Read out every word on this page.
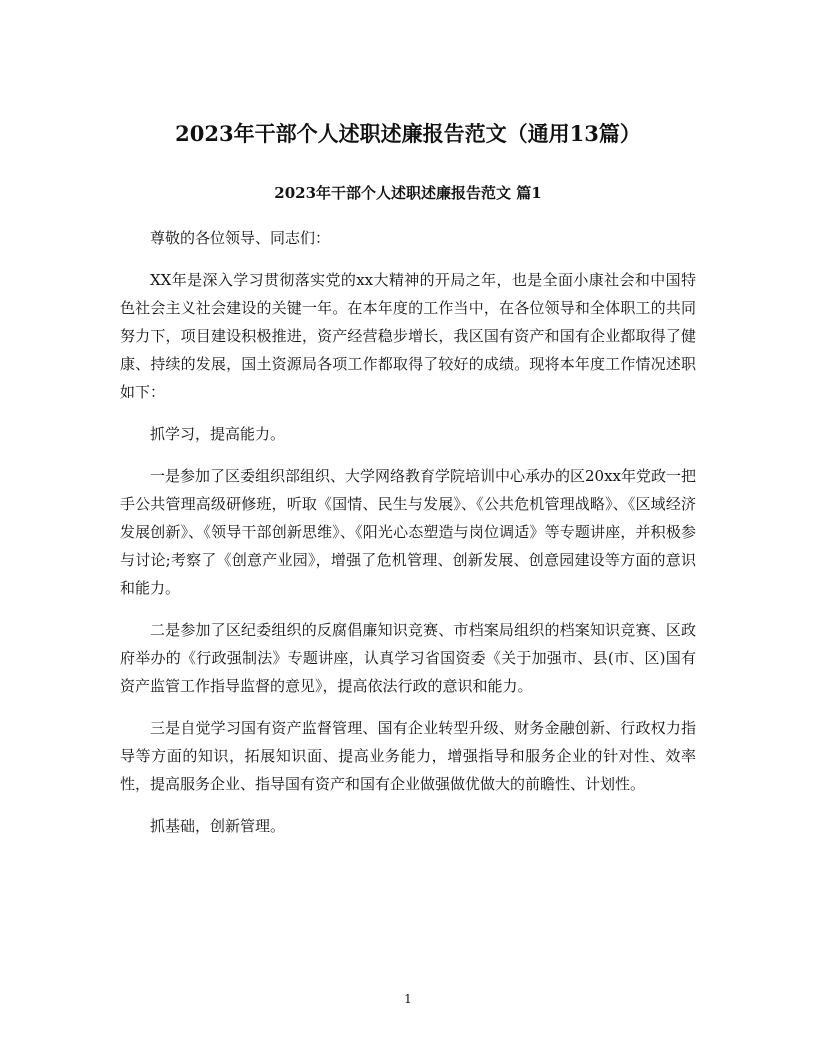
2023年干部个人述职述廉报告范文（通用13篇）
2023年干部个人述职述廉报告范文 篇1

尊敬的各位领导、同志们：

XX年是深入学习贯彻落实党的xx大精神的开局之年，也是全面小康社会和中国特色社会主义社会建设的关键一年。在本年度的工作当中，在各位领导和全体职工的共同努力下，项目建设积极推进，资产经营稳步增长，我区国有资产和国有企业都取得了健康、持续的发展，国土资源局各项工作都取得了较好的成绩。现将本年度工作情况述职如下：

抓学习，提高能力。

一是参加了区委组织部组织、大学网络教育学院培训中心承办的区20xx年党政一把手公共管理高级研修班，听取《国情、民生与发展》、《公共危机管理战略》、《区域经济发展创新》、《领导干部创新思维》、《阳光心态塑造与岗位调适》等专题讲座，并积极参与讨论;考察了《创意产业园》，增强了危机管理、创新发展、创意园建设等方面的意识和能力。

二是参加了区纪委组织的反腐倡廉知识竞赛、市档案局组织的档案知识竞赛、区政府举办的《行政强制法》专题讲座，认真学习省国资委《关于加强市、县(市、区)国有资产监管工作指导监督的意见》，提高依法行政的意识和能力。

三是自觉学习国有资产监督管理、国有企业转型升级、财务金融创新、行政权力指导等方面的知识，拓展知识面、提高业务能力，增强指导和服务企业的针对性、效率性，提高服务企业、指导国有资产和国有企业做强做优做大的前瞻性、计划性。

抓基础，创新管理。

1
